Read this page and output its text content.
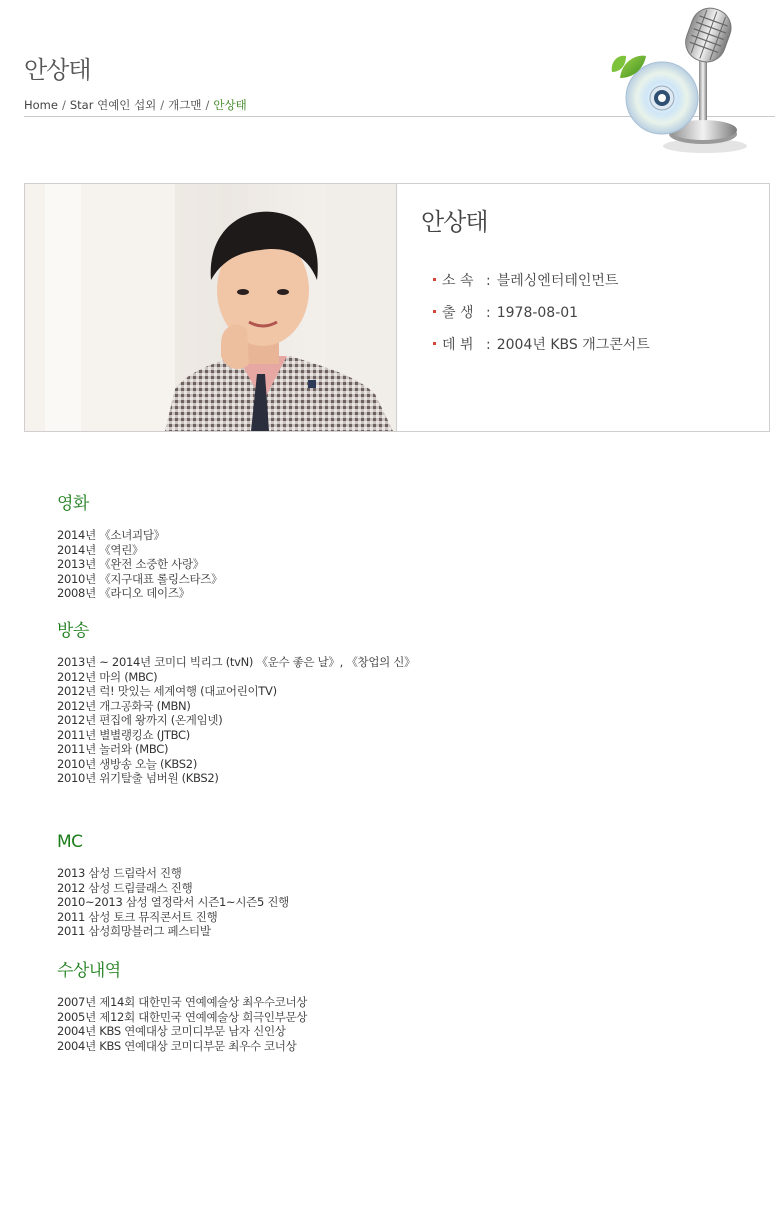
안상태
Home / Star 연예인 섭외 / 개그맨 / 안상태
안상태
소 속 : 블레싱엔터테인먼트
출 생 : 1978-08-01
데 뷔 : 2004년 KBS 개그콘서트
영화
2014년 《소녀괴담》
2014년 《역린》
2013년 《완전 소중한 사랑》
2010년 《지구대표 롤링스타즈》
2008년 《라디오 데이즈》
방송
2013년 ~ 2014년 코미디 빅리그 (tvN) 《운수 좋은 날》, 《창업의 신》
2012년 마의 (MBC)
2012년 럭! 맛있는 세계여행 (대교어린이TV)
2012년 개그공화국 (MBN)
2012년 편집에 왕까지 (온게임넷)
2011년 별별랭킹쇼 (JTBC)
2011년 놀러와 (MBC)
2010년 생방송 오늘 (KBS2)
2010년 위기탈출 넘버원 (KBS2)
MC
2013 삼성 드림락서 진행
2012 삼성 드림클래스 진행
2010~2013 삼성 열정락서 시즌1~시즌5 진행
2011 삼성 토크 뮤직콘서트 진행
2011 삼성희망블러그 페스티발
수상내역
2007년 제14회 대한민국 연예예술상 최우수코너상
2005년 제12회 대한민국 연예예술상 희극인부문상
2004년 KBS 연예대상 코미디부문 남자 신인상
2004년 KBS 연예대상 코미디부문 최우수 코너상
